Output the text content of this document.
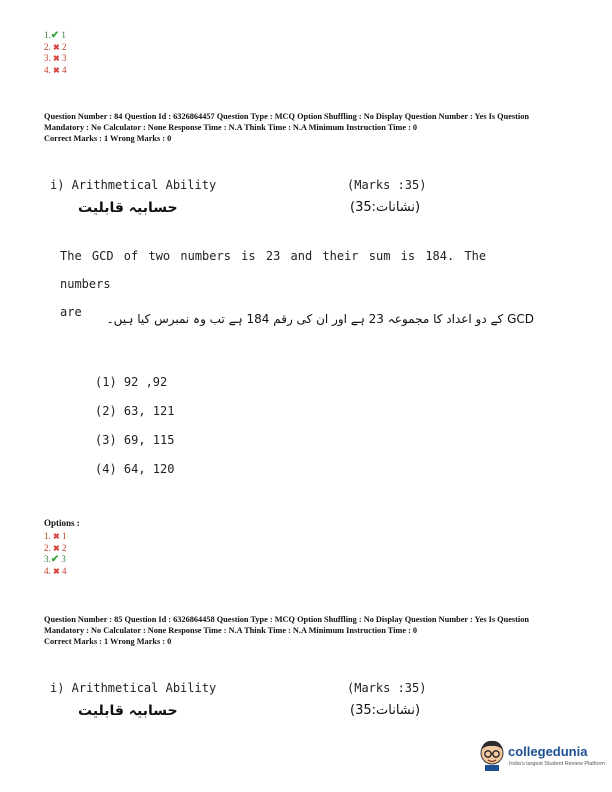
1.✔ 1
2. ✖ 2
3. ✖ 3
4. ✖ 4
Question Number : 84 Question Id : 6326864457 Question Type : MCQ Option Shuffling : No Display Question Number : Yes Is Question Mandatory : No Calculator : None Response Time : N.A Think Time : N.A Minimum Instruction Time : 0
Correct Marks : 1 Wrong Marks : 0
i) Arithmetical Ability	(Marks :35)
حسابیہ قابلیت	(نشانات:35)
The GCD of two numbers is 23 and their sum is 184. The numbers
are	GCD کے دو اعداد کا مجموعہ 23 ہے اور ان کی رقم 184 ہے تب وہ نمبرس کیا ہیں۔
(1) 92 ,92
(2) 63, 121
(3) 69, 115
(4) 64, 120
Options :
1. ✖ 1
2. ✖ 2
3.✔ 3
4. ✖ 4
Question Number : 85 Question Id : 6326864458 Question Type : MCQ Option Shuffling : No Display Question Number : Yes Is Question Mandatory : No Calculator : None Response Time : N.A Think Time : N.A Minimum Instruction Time : 0
Correct Marks : 1 Wrong Marks : 0
i) Arithmetical Ability	(Marks :35)
حسابیہ قابلیت	(نشانات:35)
collegedunia
India's largest Student Review Platform
